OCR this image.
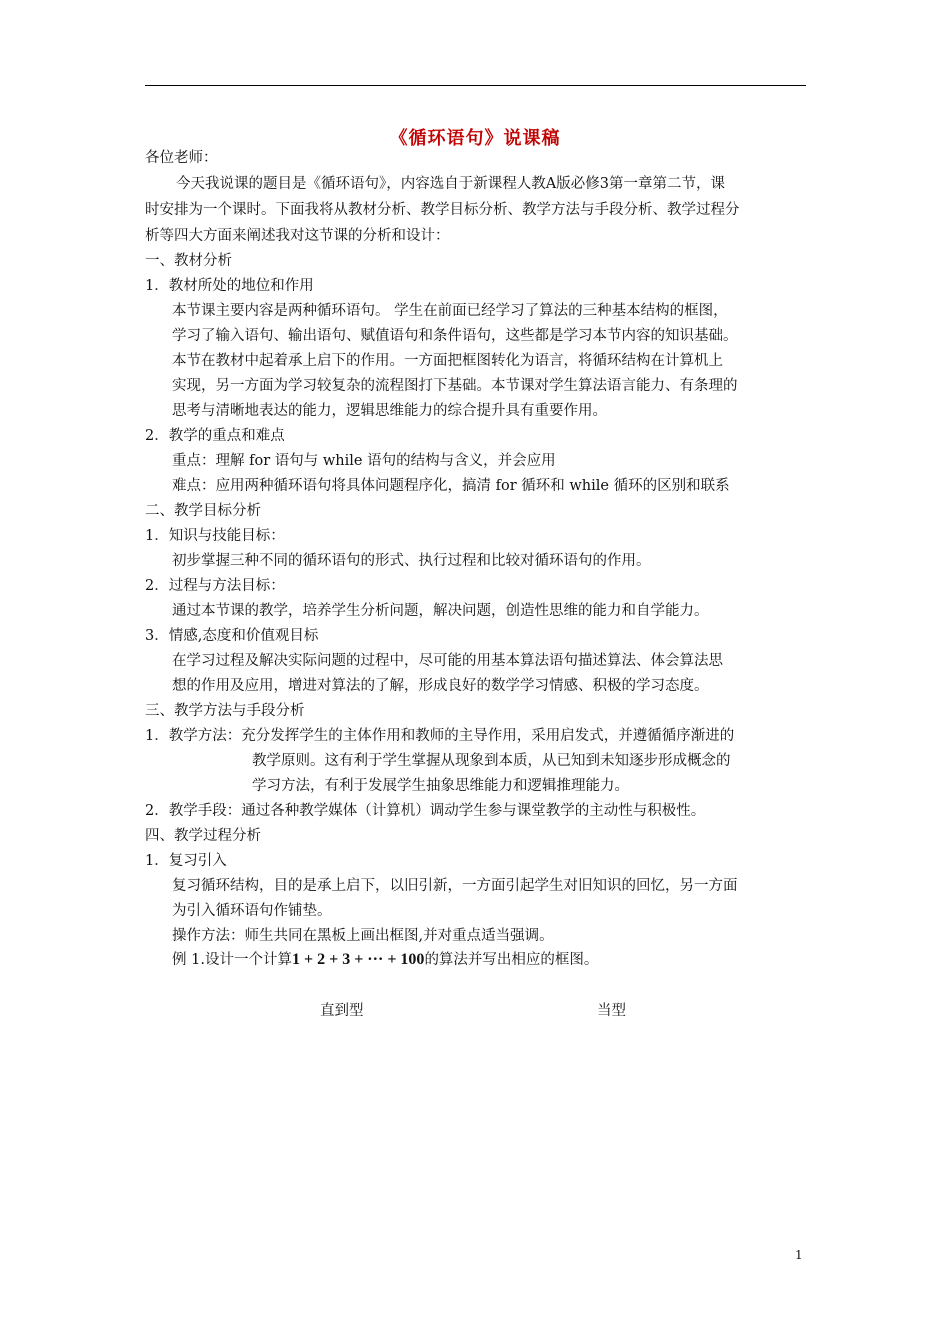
《循环语句》说课稿
各位老师：
今天我说课的题目是《循环语句》，内容选自于新课程人教A版必修3第一章第二节，课
时安排为一个课时。下面我将从教材分析、教学目标分析、教学方法与手段分析、教学过程分
析等四大方面来阐述我对这节课的分析和设计：
一、教材分析
1．教材所处的地位和作用
本节课主要内容是两种循环语句。 学生在前面已经学习了算法的三种基本结构的框图，
学习了输入语句、输出语句、赋值语句和条件语句，这些都是学习本节内容的知识基础。
本节在教材中起着承上启下的作用。一方面把框图转化为语言，将循环结构在计算机上
实现，另一方面为学习较复杂的流程图打下基础。本节课对学生算法语言能力、有条理的
思考与清晰地表达的能力，逻辑思维能力的综合提升具有重要作用。
2．教学的重点和难点
重点：理解 for 语句与 while 语句的结构与含义，并会应用
难点：应用两种循环语句将具体问题程序化，搞清 for 循环和 while 循环的区别和联系
二、教学目标分析
1．知识与技能目标：
初步掌握三种不同的循环语句的形式、执行过程和比较对循环语句的作用。
2．过程与方法目标：
通过本节课的教学，培养学生分析问题，解决问题，创造性思维的能力和自学能力。
3．情感,态度和价值观目标
在学习过程及解决实际问题的过程中，尽可能的用基本算法语句描述算法、体会算法思
想的作用及应用，增进对算法的了解，形成良好的数学学习情感、积极的学习态度。
三、教学方法与手段分析
1．教学方法：充分发挥学生的主体作用和教师的主导作用，采用启发式，并遵循循序渐进的
教学原则。这有利于学生掌握从现象到本质，从已知到未知逐步形成概念的
学习方法，有利于发展学生抽象思维能力和逻辑推理能力。
2．教学手段：通过各种教学媒体（计算机）调动学生参与课堂教学的主动性与积极性。
四、教学过程分析
1．复习引入
复习循环结构，目的是承上启下，以旧引新，一方面引起学生对旧知识的回忆，另一方面
为引入循环语句作铺垫。
操作方法：师生共同在黑板上画出框图,并对重点适当强调。
例 1.设计一个计算1 + 2 + 3 + ··· + 100的算法并写出相应的框图。
直到型	当型
1
